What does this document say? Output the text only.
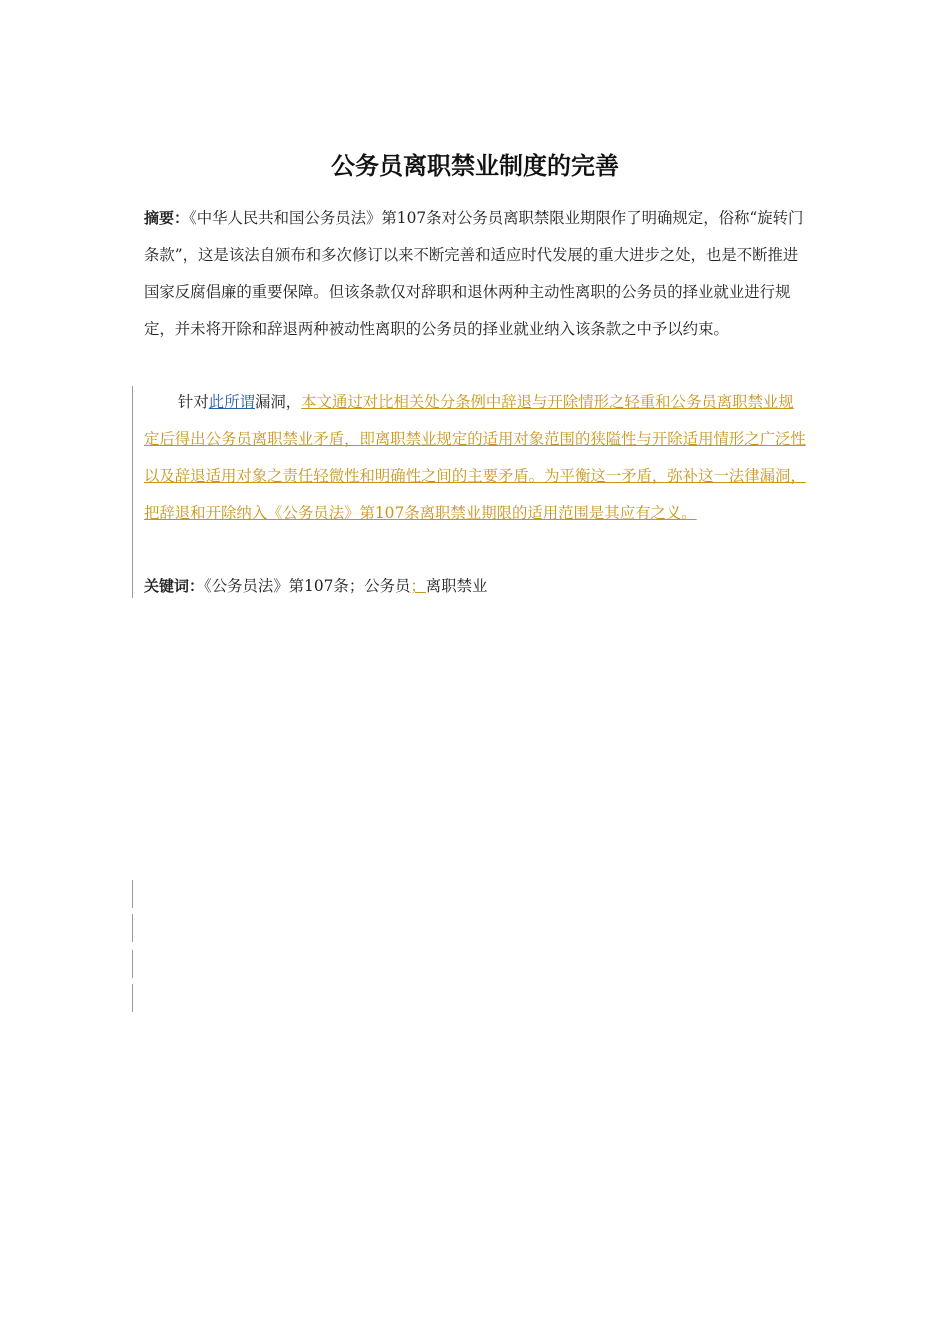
公务员离职禁业制度的完善
摘要：《中华人民共和国公务员法》第107条对公务员离职禁限业期限作了明确规定，俗称“旋转门条款”，这是该法自颁布和多次修订以来不断完善和适应时代发展的重大进步之处，也是不断推进国家反腐倡廉的重要保障。但该条款仅对辞职和退休两种主动性离职的公务员的择业就业进行规定，并未将开除和辞退两种被动性离职的公务员的择业就业纳入该条款之中予以约束。
针对此所谓漏洞，本文通过对比相关处分条例中辞退与开除情形之轻重和公务员离职禁业规定后得出公务员离职禁业矛盾，即离职禁业规定的适用对象范围的狭隘性与开除适用情形之广泛性以及辞退适用对象之责任轻微性和明确性之间的主要矛盾。为平衡这一矛盾，弥补这一法律漏洞，把辞退和开除纳入《公务员法》第107条离职禁业期限的适用范围是其应有之义。
关键词：《公务员法》第107条；公务员；离职禁业
